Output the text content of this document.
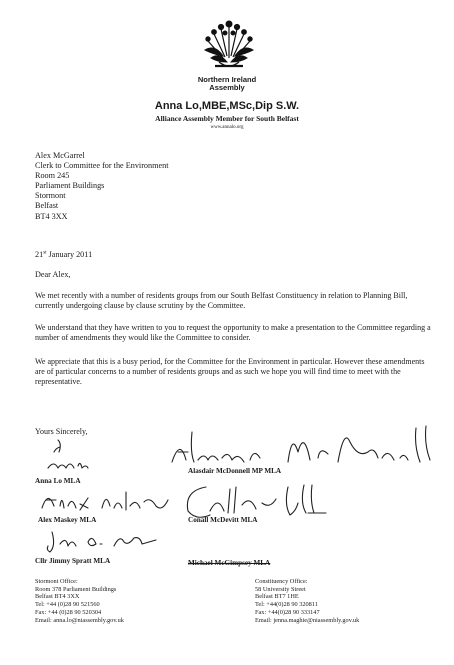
Northern Ireland
Assembly
Anna Lo,MBE,MSc,Dip S.W.
Alliance Assembly Member for South Belfast
www.annalo.org
Alex McGarrel
Clerk to Committee for the Environment
Room 245
Parliament Buildings
Stormont
Belfast
BT4 3XX
21st January 2011
Dear Alex,
We met recently with a number of residents groups from our South Belfast Constituency in relation to Planning Bill, currently undergoing clause by clause scrutiny by the Committee.
We understand that they have written to you to request the opportunity to make a presentation to the Committee regarding a number of amendments they would like the Committee to consider.
We appreciate that this is a busy period, for the Committee for the Environment in particular. However these amendments are of particular concerns to a number of residents groups and as such we hope you will find time to meet with the representative.
Yours Sincerely,
Anna Lo MLA
Alasdair McDonnell MP MLA
Alex Maskey MLA	Conall McDevitt MLA
Cllr Jimmy Spratt MLA	Michael McGimpsey MLA
Stormont Office:
Room 378 Parliament Buildings
Belfast BT4 3XX
Tel: +44 (0)28 90 521560
Fax: +44 (0)28 90 520304
Email: anna.lo@niassembly.gov.uk
Constituency Office:
58 University Street
Belfast BT7 1HE
Tel: +44(0)28 90 320811
Fax: +44(0)28 90 333147
Email: jenna.maghie@niassembly.gov.uk
